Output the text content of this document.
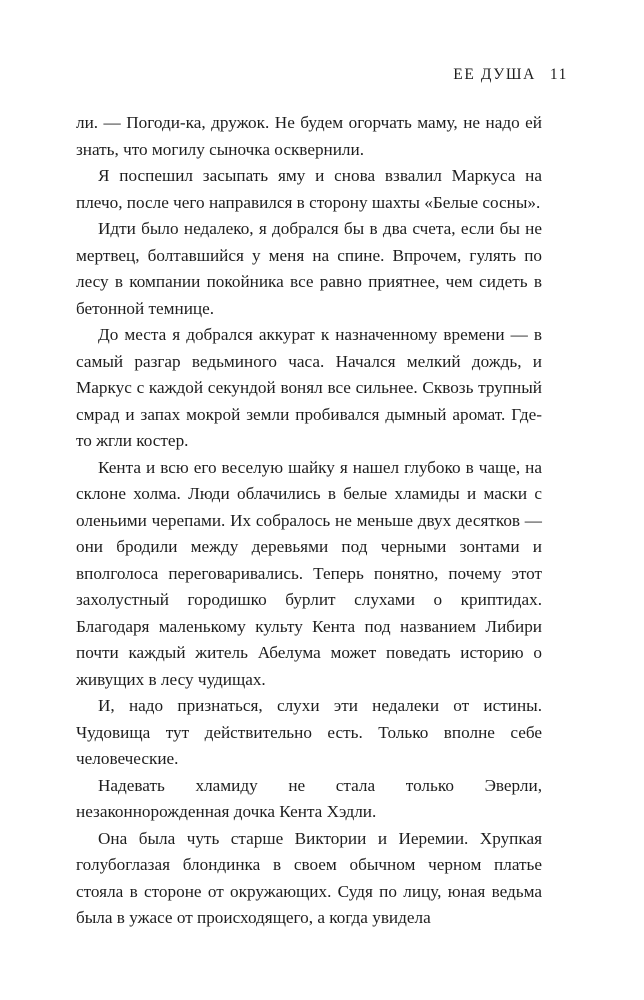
ЕЕ ДУША 11

ли. — Погоди-ка, дружок. Не будем огорчать маму, не надо ей знать, что могилу сыночка осквернили.

Я поспешил засыпать яму и снова взвалил Маркуса на плечо, после чего направился в сторону шахты «Белые сосны».

Идти было недалеко, я добрался бы в два счета, если бы не мертвец, болтавшийся у меня на спине. Впрочем, гулять по лесу в компании покойника все равно приятнее, чем сидеть в бетонной темнице.

До места я добрался аккурат к назначенному времени — в самый разгар ведьминого часа. Начался мелкий дождь, и Маркус с каждой секундой вонял все сильнее. Сквозь трупный смрад и запах мокрой земли пробивался дымный аромат. Где-то жгли костер.

Кента и всю его веселую шайку я нашел глубоко в чаще, на склоне холма. Люди облачились в белые хламиды и маски с оленьими черепами. Их собралось не меньше двух десятков — они бродили между деревьями под черными зонтами и вполголоса переговаривались. Теперь понятно, почему этот захолустный городишко бурлит слухами о криптидах. Благодаря маленькому культу Кента под названием Либири почти каждый житель Абелума может поведать историю о живущих в лесу чудищах.

И, надо признаться, слухи эти недалеки от истины. Чудовища тут действительно есть. Только вполне себе человеческие.

Надевать хламиду не стала только Эверли, незаконнорожденная дочка Кента Хэдли.

Она была чуть старше Виктории и Иеремии. Хрупкая голубоглазая блондинка в своем обычном черном платье стояла в стороне от окружающих. Судя по лицу, юная ведьма была в ужасе от происходящего, а когда увидела
